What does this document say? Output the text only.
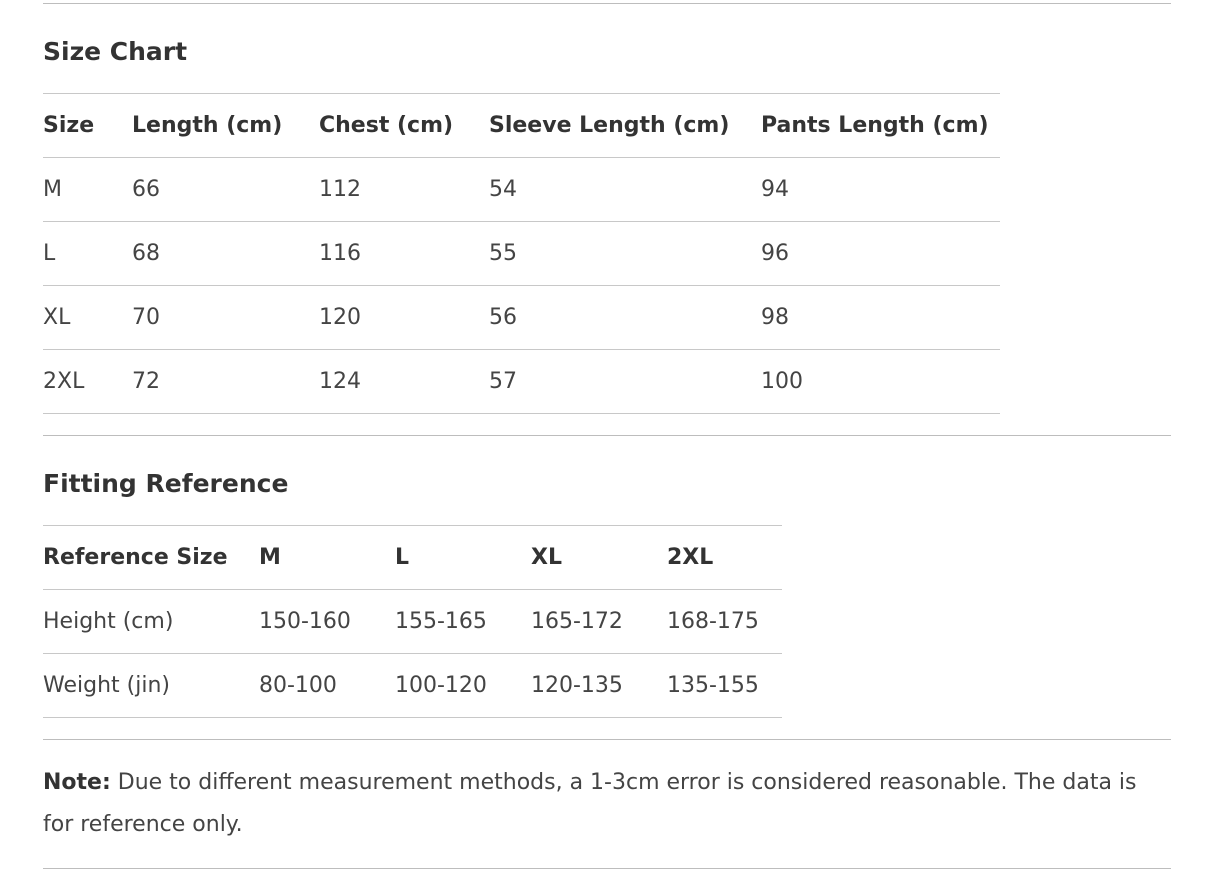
Size Chart
Size	Length (cm)	Chest (cm)	Sleeve Length (cm)	Pants Length (cm)
M	66	112	54	94
L	68	116	55	96
XL	70	120	56	98
2XL	72	124	57	100
Fitting Reference
Reference Size	M	L	XL	2XL
Height (cm)	150-160	155-165	165-172	168-175
Weight (jin)	80-100	100-120	120-135	135-155

Note: Due to different measurement methods, a 1-3cm error is considered reasonable. The data is for reference only.
